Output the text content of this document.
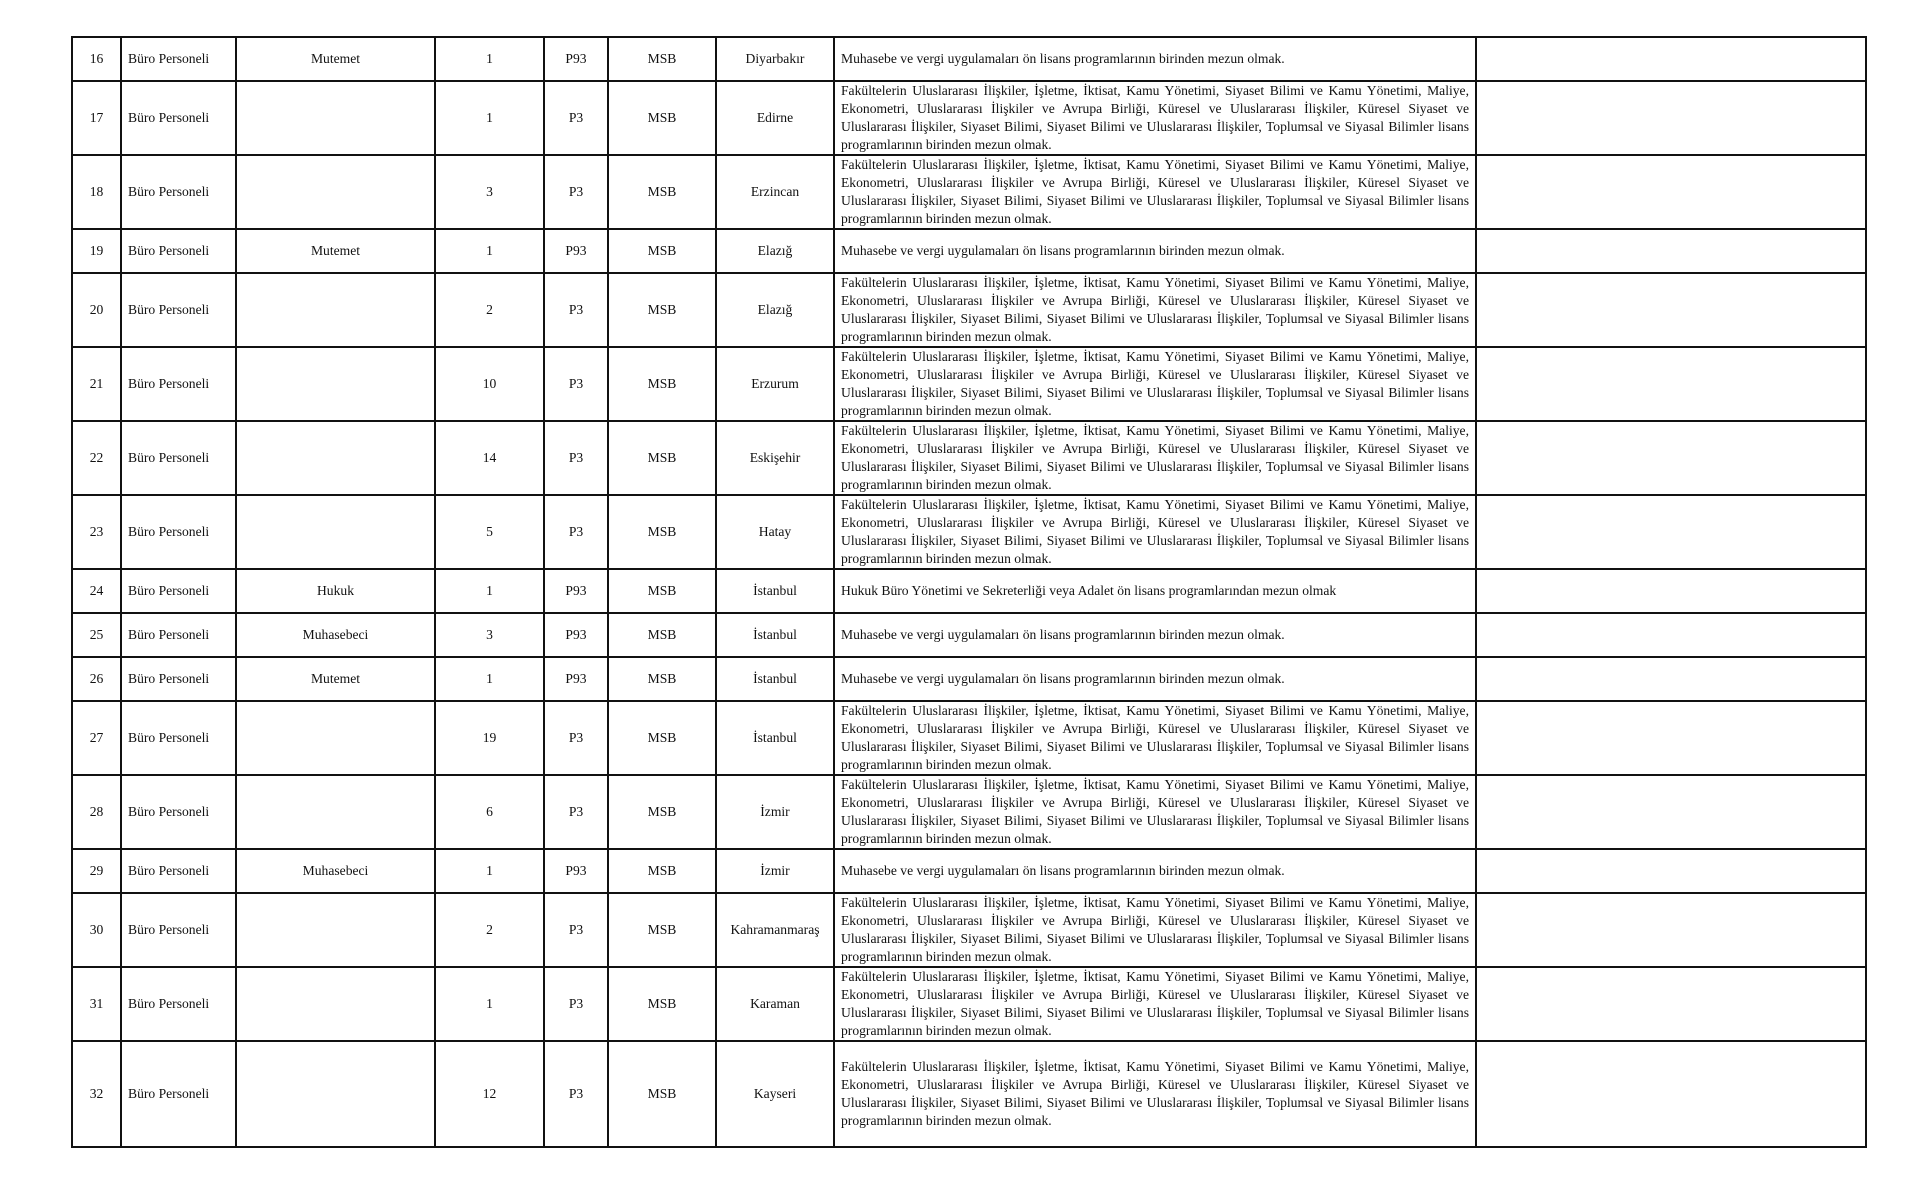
16	Büro Personeli	Mutemet	1	P93	MSB	Diyarbakır	Muhasebe ve vergi uygulamaları ön lisans programlarının birinden mezun olmak.	
17	Büro Personeli		1	P3	MSB	Edirne	Fakültelerin Uluslararası İlişkiler, İşletme, İktisat, Kamu Yönetimi, Siyaset Bilimi ve Kamu Yönetimi, Maliye, Ekonometri, Uluslararası İlişkiler ve Avrupa Birliği, Küresel ve Uluslararası İlişkiler, Küresel Siyaset ve Uluslararası İlişkiler, Siyaset Bilimi, Siyaset Bilimi ve Uluslararası İlişkiler, Toplumsal ve Siyasal Bilimler lisans programlarının birinden mezun olmak.	
18	Büro Personeli		3	P3	MSB	Erzincan	Fakültelerin Uluslararası İlişkiler, İşletme, İktisat, Kamu Yönetimi, Siyaset Bilimi ve Kamu Yönetimi, Maliye, Ekonometri, Uluslararası İlişkiler ve Avrupa Birliği, Küresel ve Uluslararası İlişkiler, Küresel Siyaset ve Uluslararası İlişkiler, Siyaset Bilimi, Siyaset Bilimi ve Uluslararası İlişkiler, Toplumsal ve Siyasal Bilimler lisans programlarının birinden mezun olmak.	
19	Büro Personeli	Mutemet	1	P93	MSB	Elazığ	Muhasebe ve vergi uygulamaları ön lisans programlarının birinden mezun olmak.	
20	Büro Personeli		2	P3	MSB	Elazığ	Fakültelerin Uluslararası İlişkiler, İşletme, İktisat, Kamu Yönetimi, Siyaset Bilimi ve Kamu Yönetimi, Maliye, Ekonometri, Uluslararası İlişkiler ve Avrupa Birliği, Küresel ve Uluslararası İlişkiler, Küresel Siyaset ve Uluslararası İlişkiler, Siyaset Bilimi, Siyaset Bilimi ve Uluslararası İlişkiler, Toplumsal ve Siyasal Bilimler lisans programlarının birinden mezun olmak.	
21	Büro Personeli		10	P3	MSB	Erzurum	Fakültelerin Uluslararası İlişkiler, İşletme, İktisat, Kamu Yönetimi, Siyaset Bilimi ve Kamu Yönetimi, Maliye, Ekonometri, Uluslararası İlişkiler ve Avrupa Birliği, Küresel ve Uluslararası İlişkiler, Küresel Siyaset ve Uluslararası İlişkiler, Siyaset Bilimi, Siyaset Bilimi ve Uluslararası İlişkiler, Toplumsal ve Siyasal Bilimler lisans programlarının birinden mezun olmak.	
22	Büro Personeli		14	P3	MSB	Eskişehir	Fakültelerin Uluslararası İlişkiler, İşletme, İktisat, Kamu Yönetimi, Siyaset Bilimi ve Kamu Yönetimi, Maliye, Ekonometri, Uluslararası İlişkiler ve Avrupa Birliği, Küresel ve Uluslararası İlişkiler, Küresel Siyaset ve Uluslararası İlişkiler, Siyaset Bilimi, Siyaset Bilimi ve Uluslararası İlişkiler, Toplumsal ve Siyasal Bilimler lisans programlarının birinden mezun olmak.	
23	Büro Personeli		5	P3	MSB	Hatay	Fakültelerin Uluslararası İlişkiler, İşletme, İktisat, Kamu Yönetimi, Siyaset Bilimi ve Kamu Yönetimi, Maliye, Ekonometri, Uluslararası İlişkiler ve Avrupa Birliği, Küresel ve Uluslararası İlişkiler, Küresel Siyaset ve Uluslararası İlişkiler, Siyaset Bilimi, Siyaset Bilimi ve Uluslararası İlişkiler, Toplumsal ve Siyasal Bilimler lisans programlarının birinden mezun olmak.	
24	Büro Personeli	Hukuk	1	P93	MSB	İstanbul	Hukuk Büro Yönetimi ve Sekreterliği veya Adalet ön lisans programlarından mezun olmak	
25	Büro Personeli	Muhasebeci	3	P93	MSB	İstanbul	Muhasebe ve vergi uygulamaları ön lisans programlarının birinden mezun olmak.	
26	Büro Personeli	Mutemet	1	P93	MSB	İstanbul	Muhasebe ve vergi uygulamaları ön lisans programlarının birinden mezun olmak.	
27	Büro Personeli		19	P3	MSB	İstanbul	Fakültelerin Uluslararası İlişkiler, İşletme, İktisat, Kamu Yönetimi, Siyaset Bilimi ve Kamu Yönetimi, Maliye, Ekonometri, Uluslararası İlişkiler ve Avrupa Birliği, Küresel ve Uluslararası İlişkiler, Küresel Siyaset ve Uluslararası İlişkiler, Siyaset Bilimi, Siyaset Bilimi ve Uluslararası İlişkiler, Toplumsal ve Siyasal Bilimler lisans programlarının birinden mezun olmak.	
28	Büro Personeli		6	P3	MSB	İzmir	Fakültelerin Uluslararası İlişkiler, İşletme, İktisat, Kamu Yönetimi, Siyaset Bilimi ve Kamu Yönetimi, Maliye, Ekonometri, Uluslararası İlişkiler ve Avrupa Birliği, Küresel ve Uluslararası İlişkiler, Küresel Siyaset ve Uluslararası İlişkiler, Siyaset Bilimi, Siyaset Bilimi ve Uluslararası İlişkiler, Toplumsal ve Siyasal Bilimler lisans programlarının birinden mezun olmak.	
29	Büro Personeli	Muhasebeci	1	P93	MSB	İzmir	Muhasebe ve vergi uygulamaları ön lisans programlarının birinden mezun olmak.	
30	Büro Personeli		2	P3	MSB	Kahramanmaraş	Fakültelerin Uluslararası İlişkiler, İşletme, İktisat, Kamu Yönetimi, Siyaset Bilimi ve Kamu Yönetimi, Maliye, Ekonometri, Uluslararası İlişkiler ve Avrupa Birliği, Küresel ve Uluslararası İlişkiler, Küresel Siyaset ve Uluslararası İlişkiler, Siyaset Bilimi, Siyaset Bilimi ve Uluslararası İlişkiler, Toplumsal ve Siyasal Bilimler lisans programlarının birinden mezun olmak.	
31	Büro Personeli		1	P3	MSB	Karaman	Fakültelerin Uluslararası İlişkiler, İşletme, İktisat, Kamu Yönetimi, Siyaset Bilimi ve Kamu Yönetimi, Maliye, Ekonometri, Uluslararası İlişkiler ve Avrupa Birliği, Küresel ve Uluslararası İlişkiler, Küresel Siyaset ve Uluslararası İlişkiler, Siyaset Bilimi, Siyaset Bilimi ve Uluslararası İlişkiler, Toplumsal ve Siyasal Bilimler lisans programlarının birinden mezun olmak.	
32	Büro Personeli		12	P3	MSB	Kayseri	Fakültelerin Uluslararası İlişkiler, İşletme, İktisat, Kamu Yönetimi, Siyaset Bilimi ve Kamu Yönetimi, Maliye, Ekonometri, Uluslararası İlişkiler ve Avrupa Birliği, Küresel ve Uluslararası İlişkiler, Küresel Siyaset ve Uluslararası İlişkiler, Siyaset Bilimi, Siyaset Bilimi ve Uluslararası İlişkiler, Toplumsal ve Siyasal Bilimler lisans programlarının birinden mezun olmak.	
